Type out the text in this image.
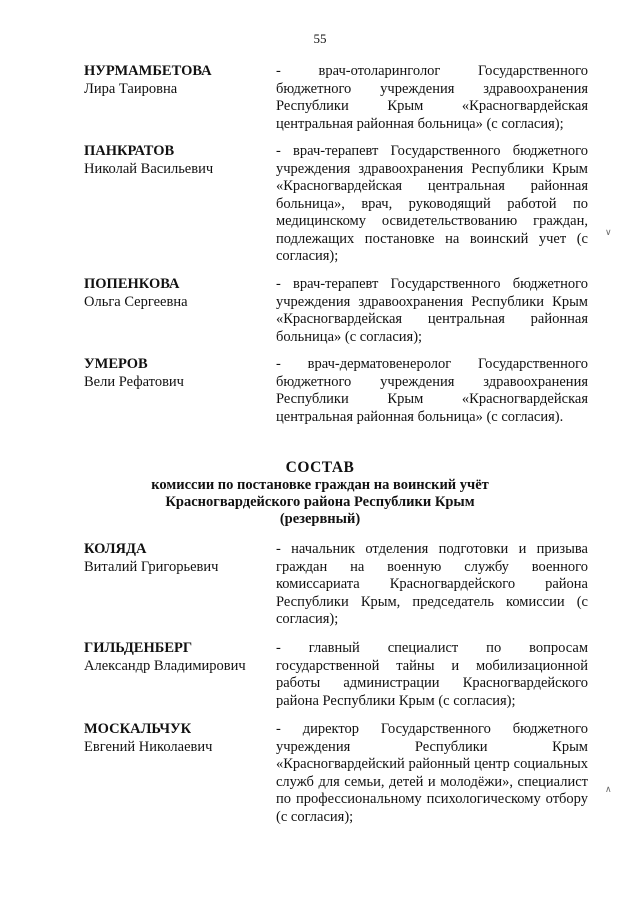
55
НУРМАМБЕТОВА
Лира Таировна
- врач-отоларинголог Государственного бюджетного учреждения здравоохранения Республики Крым «Красногвардейская центральная районная больница» (с согласия);
ПАНКРАТОВ
Николай Васильевич
- врач-терапевт Государственного бюджетного учреждения здравоохранения Республики Крым «Красногвардейская центральная районная больница», врач, руководящий работой по медицинскому освидетельствованию граждан, подлежащих постановке на воинский учет (с согласия);
ПОПЕНКОВА
Ольга Сергеевна
- врач-терапевт Государственного бюджетного учреждения здравоохранения Республики Крым «Красногвардейская центральная районная больница» (с согласия);
УМЕРОВ
Вели Рефатович
- врач-дерматовенеролог Государственного бюджетного учреждения здравоохранения Республики Крым «Красногвардейская центральная районная больница» (с согласия).
СОСТАВ
комиссии по постановке граждан на воинский учёт
Красногвардейского района Республики Крым
(резервный)
КОЛЯДА
Виталий Григорьевич
- начальник отделения подготовки и призыва граждан на военную службу военного комиссариата Красногвардейского района Республики Крым, председатель комиссии (с согласия);
ГИЛЬДЕНБЕРГ
Александр Владимирович
- главный специалист по вопросам государственной тайны и мобилизационной работы администрации Красногвардейского района Республики Крым (с согласия);
МОСКАЛЬЧУК
Евгений Николаевич
- директор Государственного бюджетного учреждения Республики Крым «Красногвардейский районный центр социальных служб для семьи, детей и молодёжи», специалист по профессиональному психологическому отбору (с согласия);
∨
∧
